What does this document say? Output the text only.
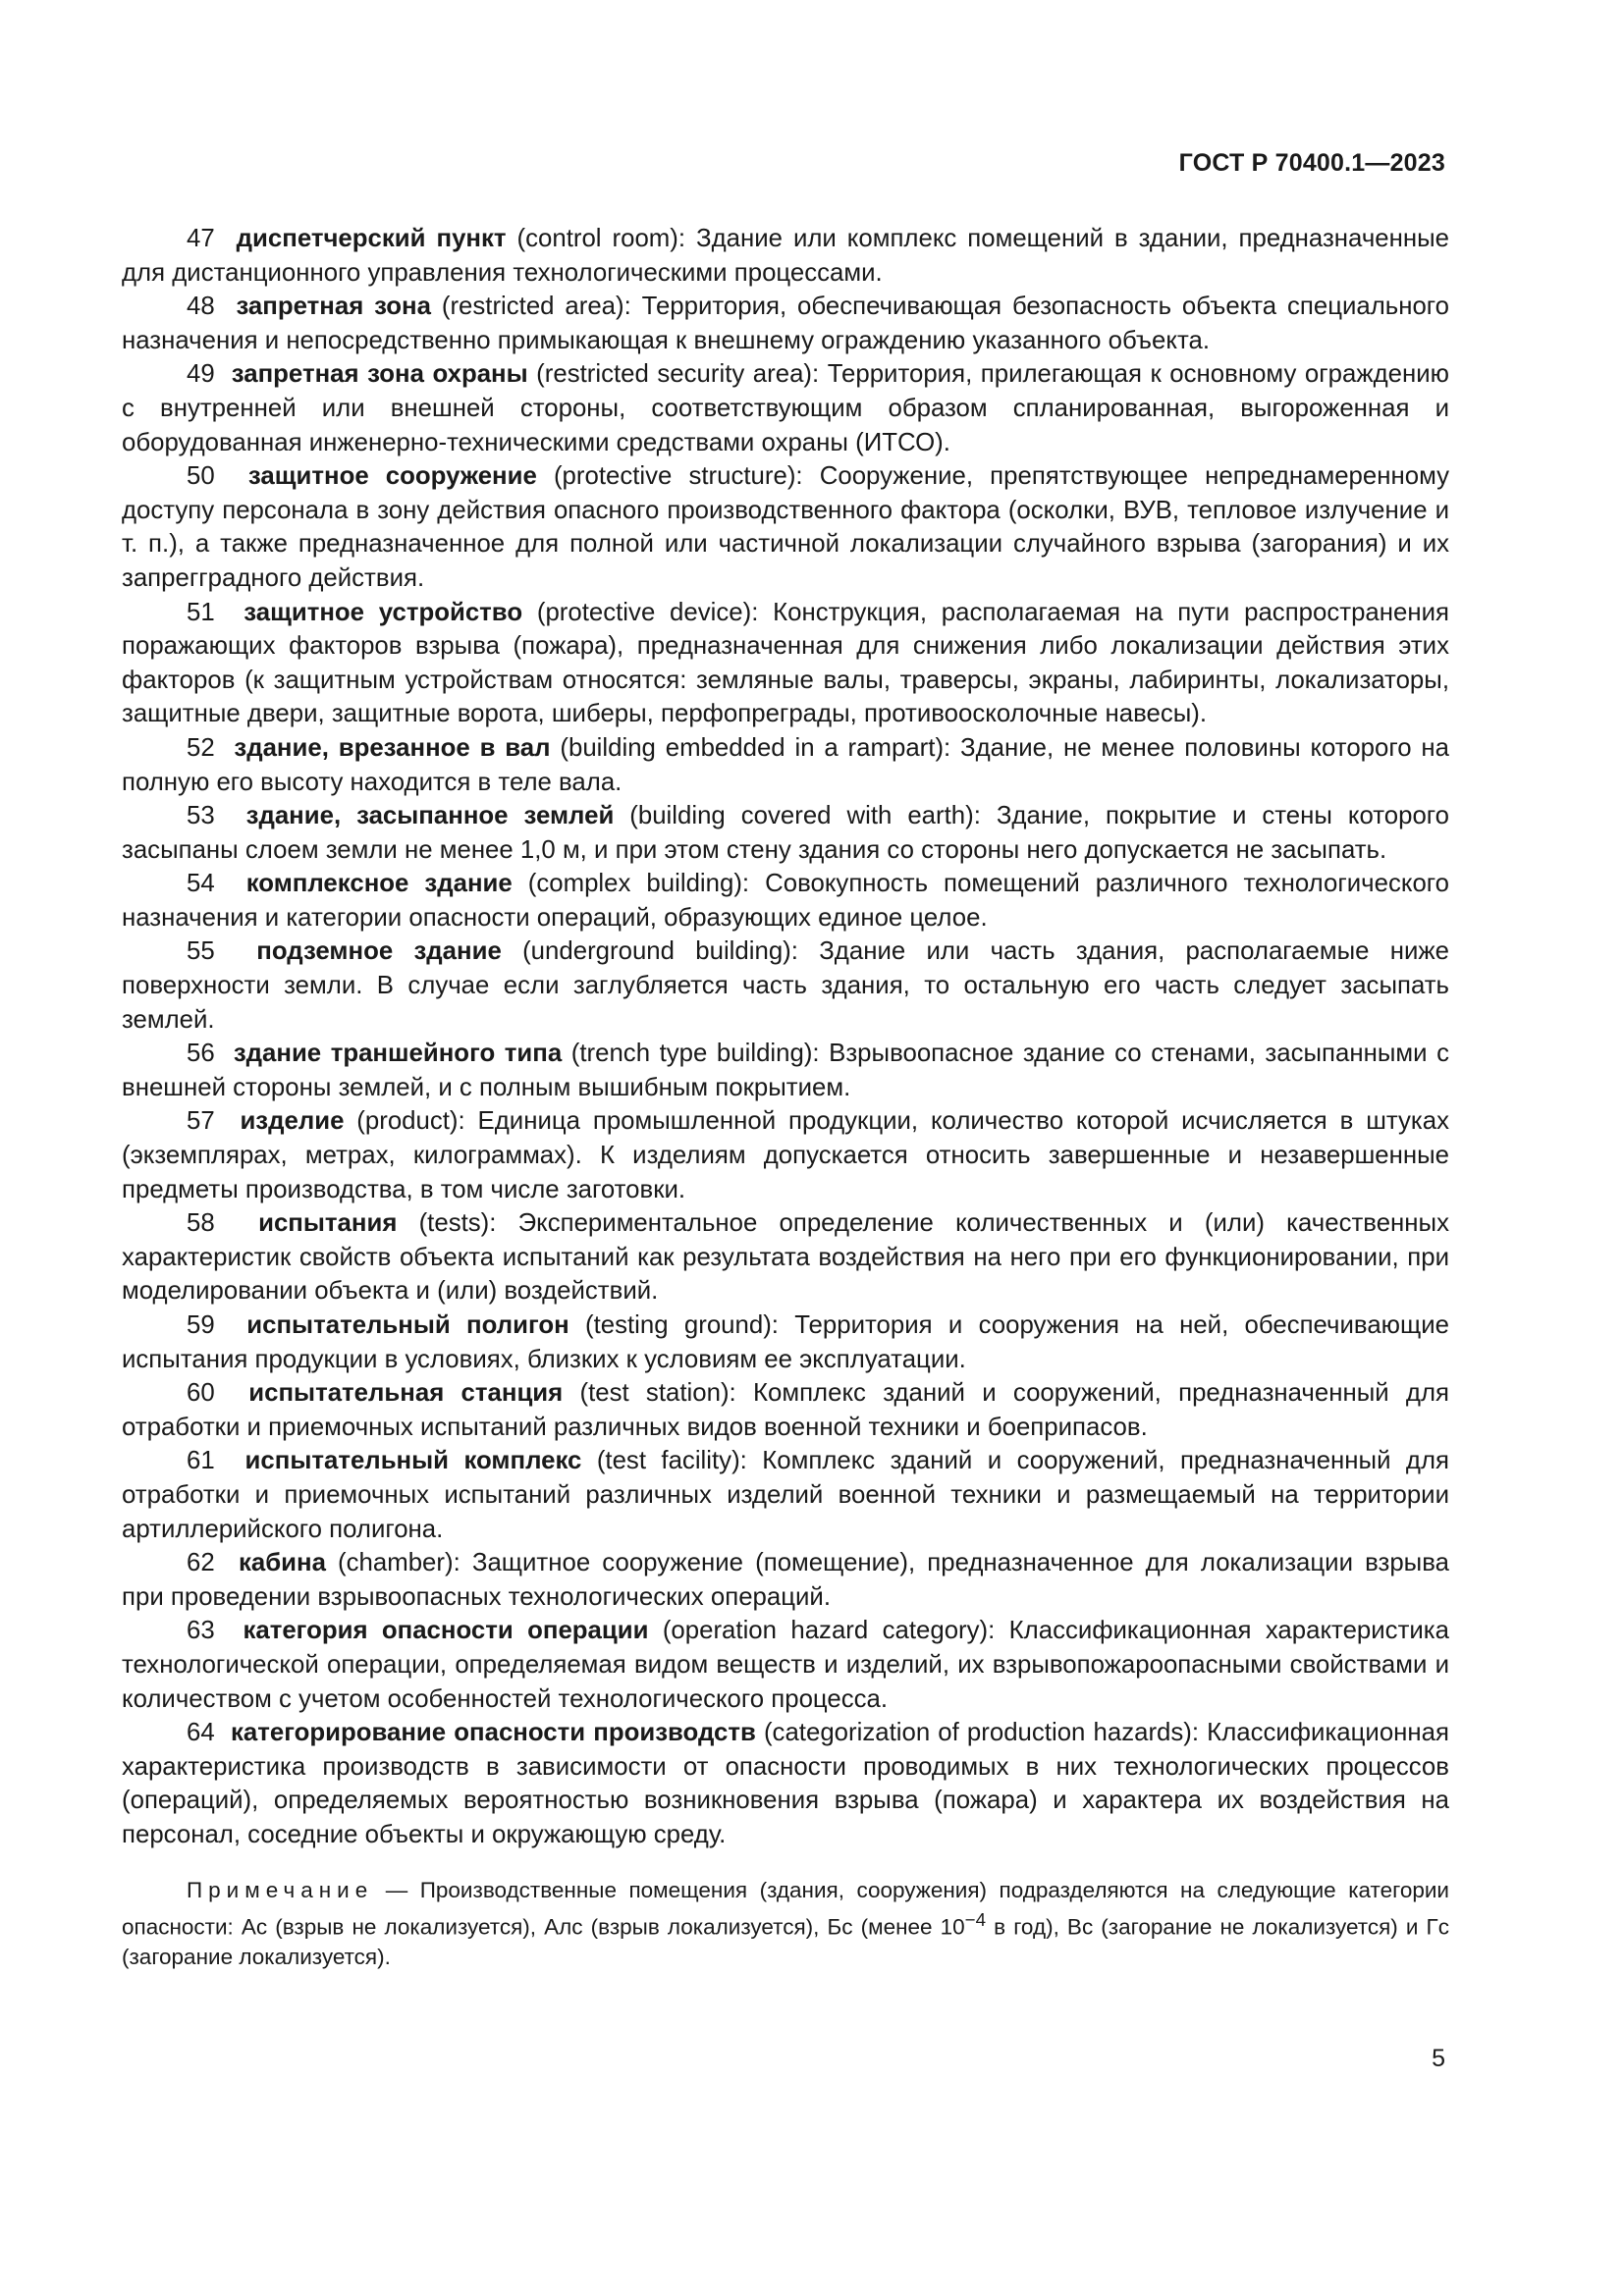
ГОСТ Р 70400.1—2023

47 диспетчерский пункт (control room): Здание или комплекс помещений в здании, предназначенные для дистанционного управления технологическими процессами.

48 запретная зона (restricted area): Территория, обеспечивающая безопасность объекта специального назначения и непосредственно примыкающая к внешнему ограждению указанного объекта.

49 запретная зона охраны (restricted security area): Территория, прилегающая к основному ограждению с внутренней или внешней стороны, соответствующим образом спланированная, выгороженная и оборудованная инженерно-техническими средствами охраны (ИТСО).

50 защитное сооружение (protective structure): Сооружение, препятствующее непреднамеренному доступу персонала в зону действия опасного производственного фактора (осколки, ВУВ, тепловое излучение и т. п.), а также предназначенное для полной или частичной локализации случайного взрыва (загорания) и их запрегградного действия.

51 защитное устройство (protective device): Конструкция, располагаемая на пути распространения поражающих факторов взрыва (пожара), предназначенная для снижения либо локализации действия этих факторов (к защитным устройствам относятся: земляные валы, траверсы, экраны, лабиринты, локализаторы, защитные двери, защитные ворота, шиберы, перфопреграды, противоосколочные навесы).

52 здание, врезанное в вал (building embedded in a rampart): Здание, не менее половины которого на полную его высоту находится в теле вала.

53 здание, засыпанное землей (building covered with earth): Здание, покрытие и стены которого засыпаны слоем земли не менее 1,0 м, и при этом стену здания со стороны него допускается не засыпать.

54 комплексное здание (complex building): Совокупность помещений различного технологического назначения и категории опасности операций, образующих единое целое.

55 подземное здание (underground building): Здание или часть здания, располагаемые ниже поверхности земли. В случае если заглубляется часть здания, то остальную его часть следует засыпать землей.

56 здание траншейного типа (trench type building): Взрывоопасное здание со стенами, засыпанными с внешней стороны землей, и с полным вышибным покрытием.

57 изделие (product): Единица промышленной продукции, количество которой исчисляется в штуках (экземплярах, метрах, килограммах). К изделиям допускается относить завершенные и незавершенные предметы производства, в том числе заготовки.

58 испытания (tests): Экспериментальное определение количественных и (или) качественных характеристик свойств объекта испытаний как результата воздействия на него при его функционировании, при моделировании объекта и (или) воздействий.

59 испытательный полигон (testing ground): Территория и сооружения на ней, обеспечивающие испытания продукции в условиях, близких к условиям ее эксплуатации.

60 испытательная станция (test station): Комплекс зданий и сооружений, предназначенный для отработки и приемочных испытаний различных видов военной техники и боеприпасов.

61 испытательный комплекс (test facility): Комплекс зданий и сооружений, предназначенный для отработки и приемочных испытаний различных изделий военной техники и размещаемый на территории артиллерийского полигона.

62 кабина (chamber): Защитное сооружение (помещение), предназначенное для локализации взрыва при проведении взрывоопасных технологических операций.

63 категория опасности операции (operation hazard category): Классификационная характеристика технологической операции, определяемая видом веществ и изделий, их взрывопожароопасными свойствами и количеством с учетом особенностей технологического процесса.

64 категорирование опасности производств (categorization of production hazards): Классификационная характеристика производств в зависимости от опасности проводимых в них технологических процессов (операций), определяемых вероятностью возникновения взрыва (пожара) и характера их воздействия на персонал, соседние объекты и окружающую среду.

Примечание — Производственные помещения (здания, сооружения) подразделяются на следующие категории опасности: Ас (взрыв не локализуется), Алс (взрыв локализуется), Бс (менее $10^{-4}$ в год), Вс (загорание не локализуется) и Гс (загорание локализуется).

5
